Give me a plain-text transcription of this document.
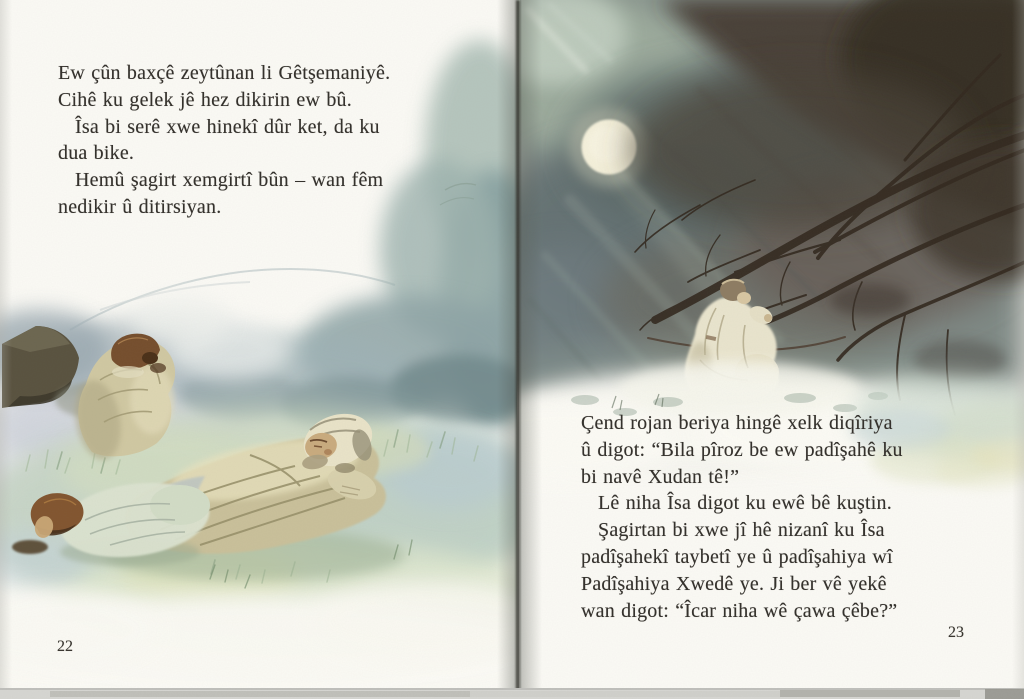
Ew çûn baxçê zeytûnan li Gêtşemaniyê.
Cihê ku gelek jê hez dikirin ew bû.
Îsa bi serê xwe hinekî dûr ket, da ku
dua bike.
Hemû şagirt xemgirtî bûn – wan fêm
nedikir û ditirsiyan.
Çend rojan beriya hingê xelk diqîriya
û digot: “Bila pîroz be ew padîşahê ku
bi navê Xudan tê!”
Lê niha Îsa digot ku ewê bê kuştin.
Şagirtan bi xwe jî hê nizanî ku Îsa
padîşahekî taybetî ye û padîşahiya wî
Padîşahiya Xwedê ye. Ji ber vê yekê
wan digot: “Îcar niha wê çawa çêbe?”
22
23
